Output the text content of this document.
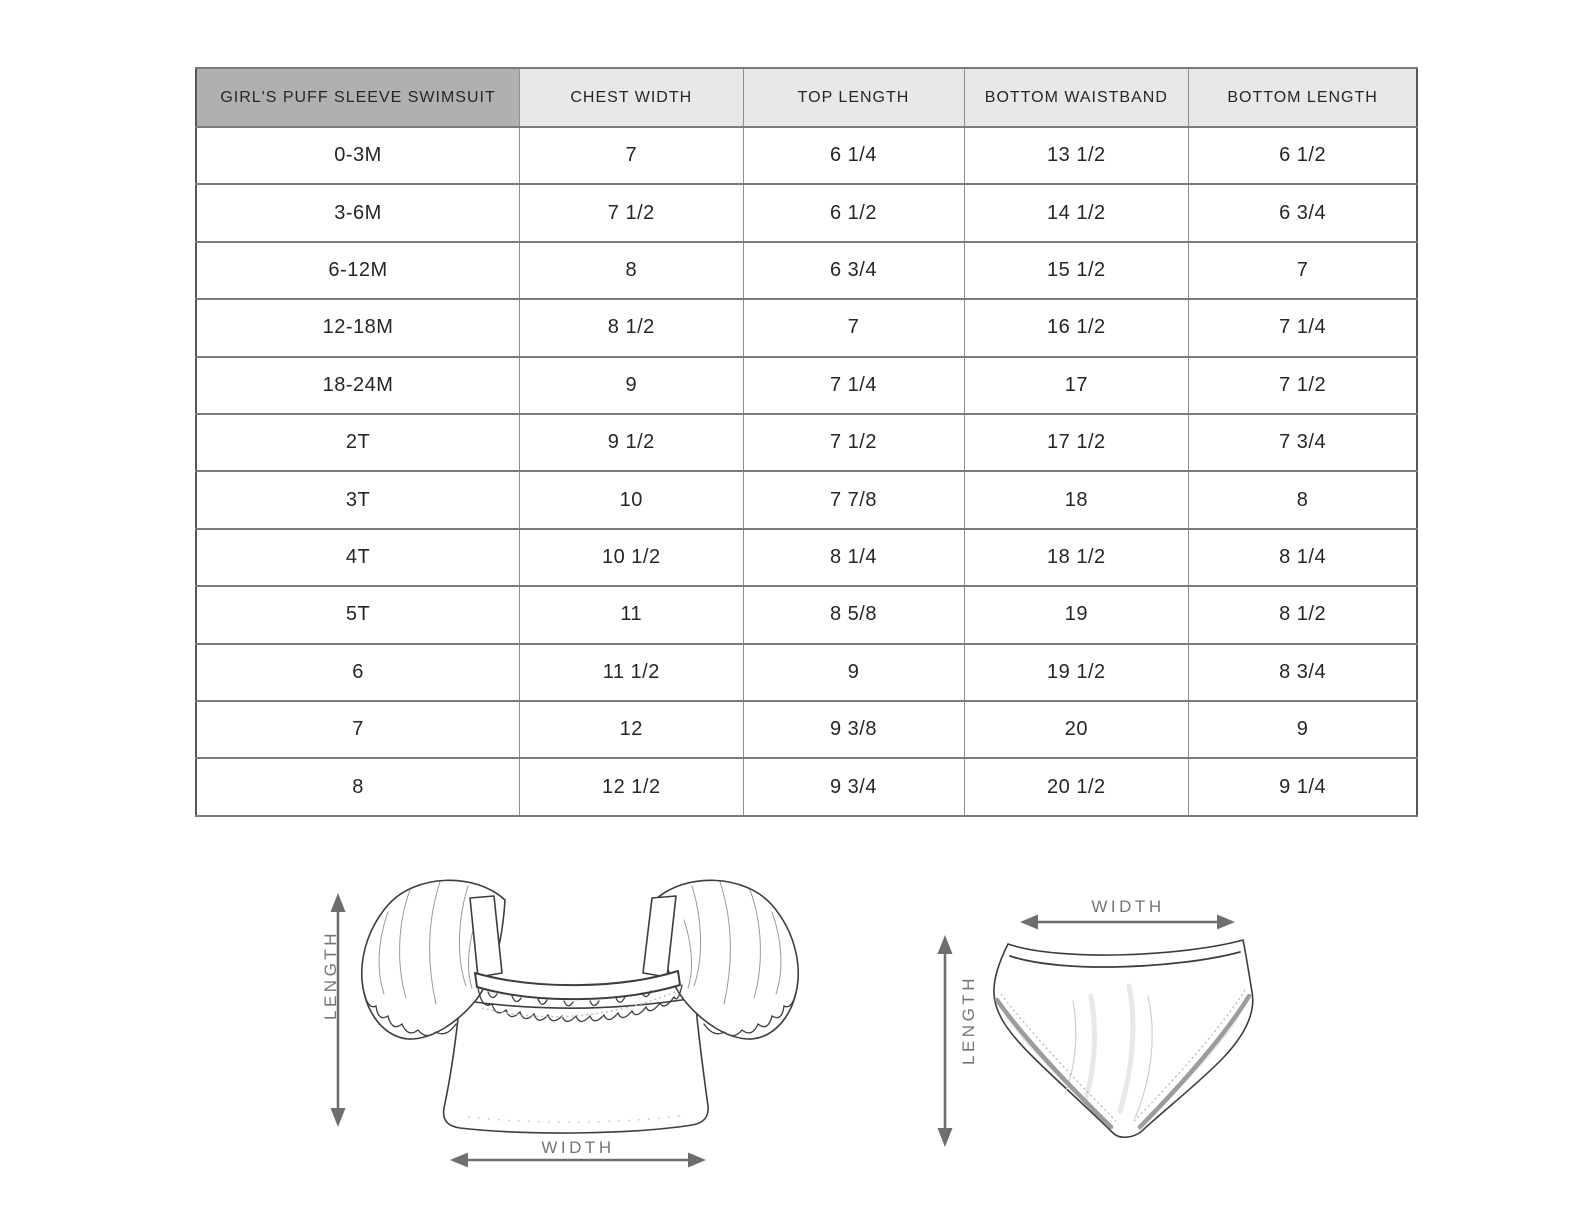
GIRL'S PUFF SLEEVE SWIMSUIT	CHEST WIDTH	TOP LENGTH	BOTTOM WAISTBAND	BOTTOM LENGTH
0-3M	7	6 1/4	13 1/2	6 1/2
3-6M	7 1/2	6 1/2	14 1/2	6 3/4
6-12M	8	6 3/4	15 1/2	7
12-18M	8 1/2	7	16 1/2	7 1/4
18-24M	9	7 1/4	17	7 1/2
2T	9 1/2	7 1/2	17 1/2	7 3/4
3T	10	7 7/8	18	8
4T	10 1/2	8 1/4	18 1/2	8 1/4
5T	11	8 5/8	19	8 1/2
6	11 1/2	9	19 1/2	8 3/4
7	12	9 3/8	20	9
8	12 1/2	9 3/4	20 1/2	9 1/4
LENGTH
WIDTH
WIDTH
LENGTH
